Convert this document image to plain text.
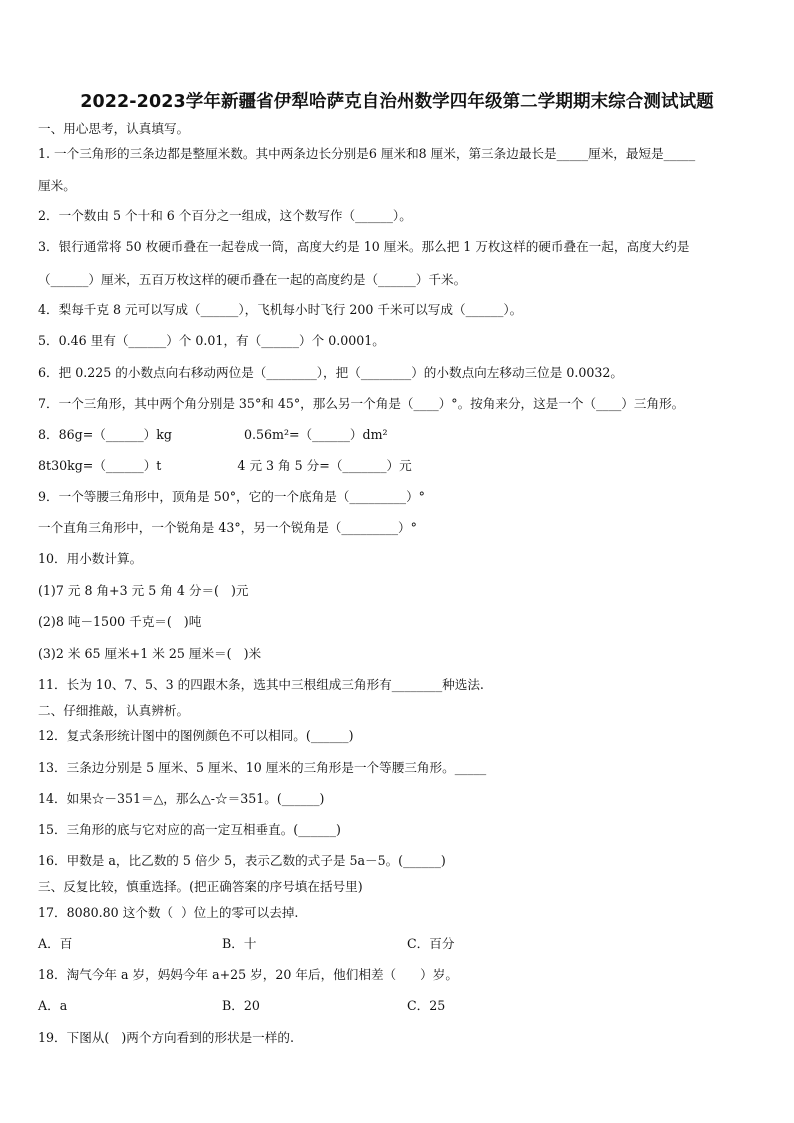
2022-2023学年新疆省伊犁哈萨克自治州数学四年级第二学期期末综合测试试题
一、用心思考，认真填写。
1. 一个三角形的三条边都是整厘米数。其中两条边长分别是6 厘米和8 厘米，第三条边最长是_____厘米，最短是_____
厘米。
2．一个数由 5 个十和 6 个百分之一组成，这个数写作（______）。
3．银行通常将 50 枚硬币叠在一起卷成一筒，高度大约是 10 厘米。那么把 1 万枚这样的硬币叠在一起，高度大约是
（______）厘米，五百万枚这样的硬币叠在一起的高度约是（______）千米。
4．梨每千克 8 元可以写成（______），飞机每小时飞行 200 千米可以写成（______）。
5．0.46 里有（______）个 0.01，有（______）个 0.0001。
6．把 0.225 的小数点向右移动两位是（________），把（________）的小数点向左移动三位是 0.0032。
7．一个三角形，其中两个角分别是 35°和 45°，那么另一个角是（____）°。按角来分，这是一个（____）三角形。
8．86g=（______）kg                  0.56m²=（______）dm²
8t30kg=（______）t                   4 元 3 角 5 分=（_______）元
9．一个等腰三角形中，顶角是 50°，它的一个底角是（_________）°
一个直角三角形中，一个锐角是 43°，另一个锐角是（_________）°
10．用小数计算。
(1)7 元 8 角+3 元 5 角 4 分＝(   )元
(2)8 吨－1500 千克＝(   )吨
(3)2 米 65 厘米+1 米 25 厘米＝(   )米
11．长为 10、7、5、3 的四跟木条，选其中三根组成三角形有________种选法.
二、仔细推敲，认真辨析。
12．复式条形统计图中的图例颜色不可以相同。(______)
13．三条边分别是 5 厘米、5 厘米、10 厘米的三角形是一个等腰三角形。_____
14．如果☆－351＝△，那么△-☆＝351。(______)
15．三角形的底与它对应的高一定互相垂直。(______)
16．甲数是 a，比乙数的 5 倍少 5，表示乙数的式子是 5a－5。(______)
三、反复比较，慎重选择。(把正确答案的序号填在括号里)
17．8080.80 这个数（  ）位上的零可以去掉.
A．百	B．十	C．百分
18．淘气今年 a 岁，妈妈今年 a+25 岁，20 年后，他们相差（      ）岁。
A．a	B．20	C．25
19．下图从(   )两个方向看到的形状是一样的.
